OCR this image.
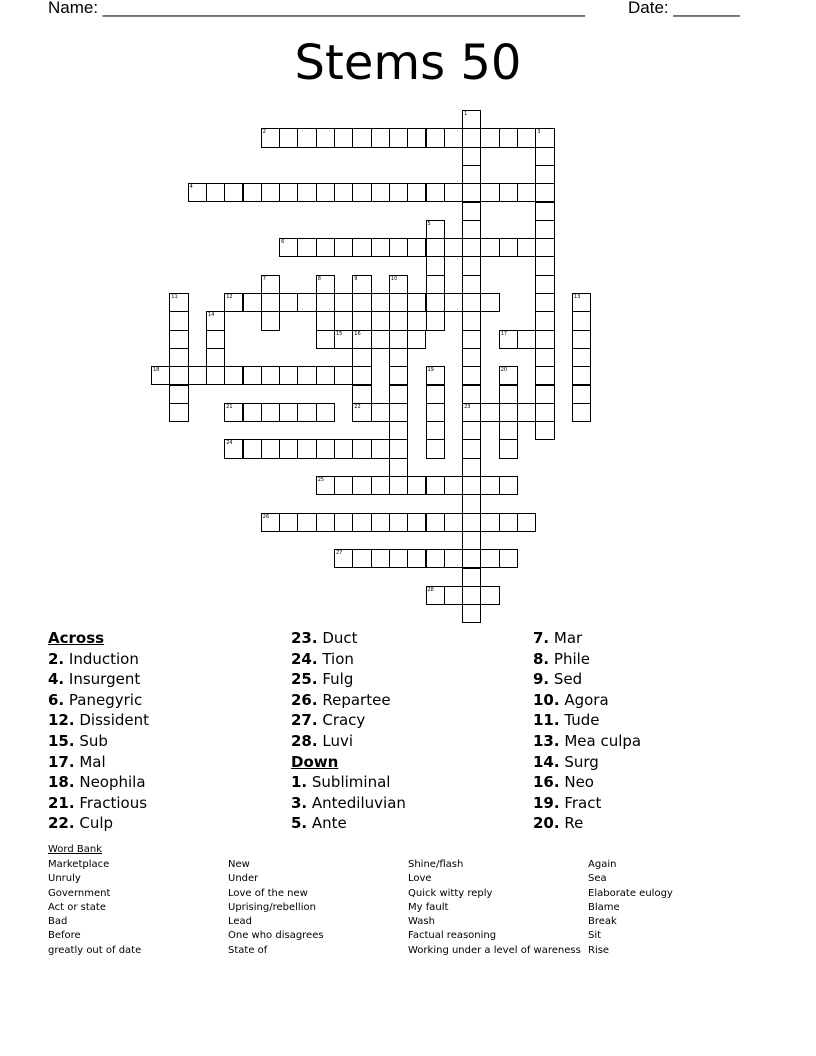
Name: ___________________________________________________	Date: _______
Stems 50
2	3
4
6
12
15 16	17
18
21	22	23
24
25
26
27
28
1
5
7	8	9	10
11	13
14
19	20
Across
2. Induction
4. Insurgent
6. Panegyric
12. Dissident
15. Sub
17. Mal
18. Neophila
21. Fractious
22. Culp
23. Duct
24. Tion
25. Fulg
26. Repartee
27. Cracy
28. Luvi
Down
1. Subliminal
3. Antediluvian
5. Ante
7. Mar
8. Phile
9. Sed
10. Agora
11. Tude
13. Mea culpa
14. Surg
16. Neo
19. Fract
20. Re
Word Bank
Marketplace
Unruly
Government
Act or state
Bad
Before
greatly out of date
New
Under
Love of the new
Uprising/rebellion
Lead
One who disagrees
State of
Shine/flash
Love
Quick witty reply
My fault
Wash
Factual reasoning
Working under a level of wareness
Again
Sea
Elaborate eulogy
Blame
Break
Sit
Rise
